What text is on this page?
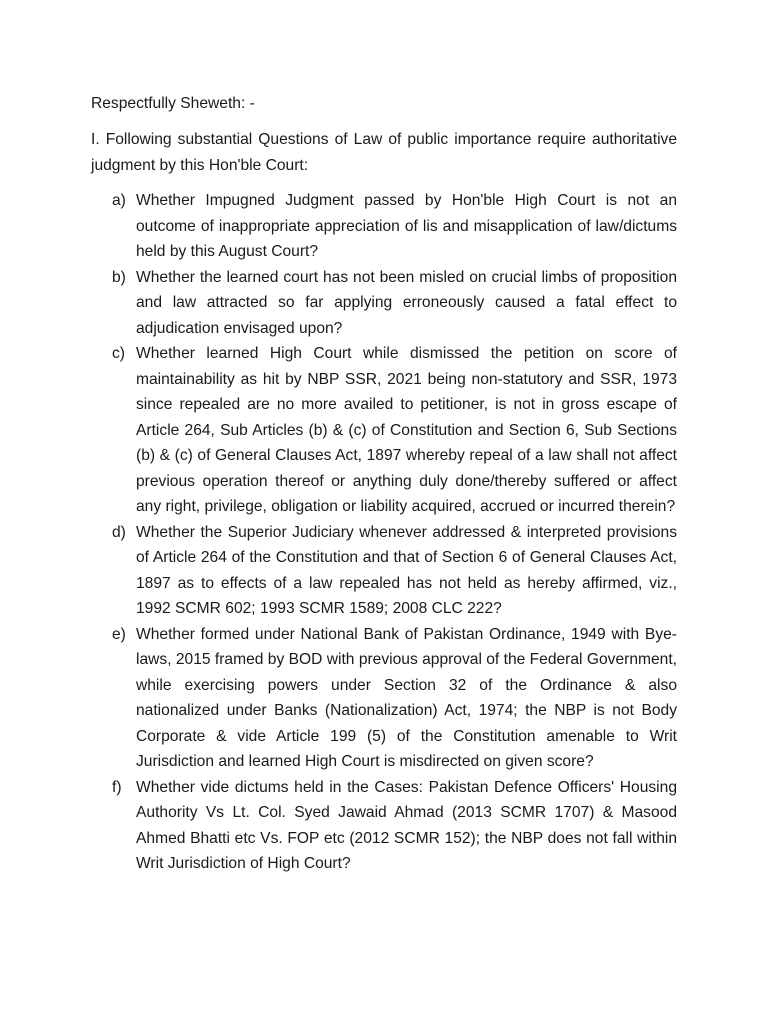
Respectfully Sheweth: -

I. Following substantial Questions of Law of public importance require authoritative judgment by this Hon'ble Court:

a) Whether Impugned Judgment passed by Hon'ble High Court is not an outcome of inappropriate appreciation of lis and misapplication of law/dictums held by this August Court?
b) Whether the learned court has not been misled on crucial limbs of proposition and law attracted so far applying erroneously caused a fatal effect to adjudication envisaged upon?
c) Whether learned High Court while dismissed the petition on score of maintainability as hit by NBP SSR, 2021 being non-statutory and SSR, 1973 since repealed are no more availed to petitioner, is not in gross escape of Article 264, Sub Articles (b) & (c) of Constitution and Section 6, Sub Sections (b) & (c) of General Clauses Act, 1897 whereby repeal of a law shall not affect previous operation thereof or anything duly done/thereby suffered or affect any right, privilege, obligation or liability acquired, accrued or incurred therein?
d) Whether the Superior Judiciary whenever addressed & interpreted provisions of Article 264 of the Constitution and that of Section 6 of General Clauses Act, 1897 as to effects of a law repealed has not held as hereby affirmed, viz., 1992 SCMR 602; 1993 SCMR 1589; 2008 CLC 222?
e) Whether formed under National Bank of Pakistan Ordinance, 1949 with Bye-laws, 2015 framed by BOD with previous approval of the Federal Government, while exercising powers under Section 32 of the Ordinance & also nationalized under Banks (Nationalization) Act, 1974; the NBP is not Body Corporate & vide Article 199 (5) of the Constitution amenable to Writ Jurisdiction and learned High Court is misdirected on given score?
f) Whether vide dictums held in the Cases: Pakistan Defence Officers' Housing Authority Vs Lt. Col. Syed Jawaid Ahmad (2013 SCMR 1707) & Masood Ahmed Bhatti etc Vs. FOP etc (2012 SCMR 152); the NBP does not fall within Writ Jurisdiction of High Court?
